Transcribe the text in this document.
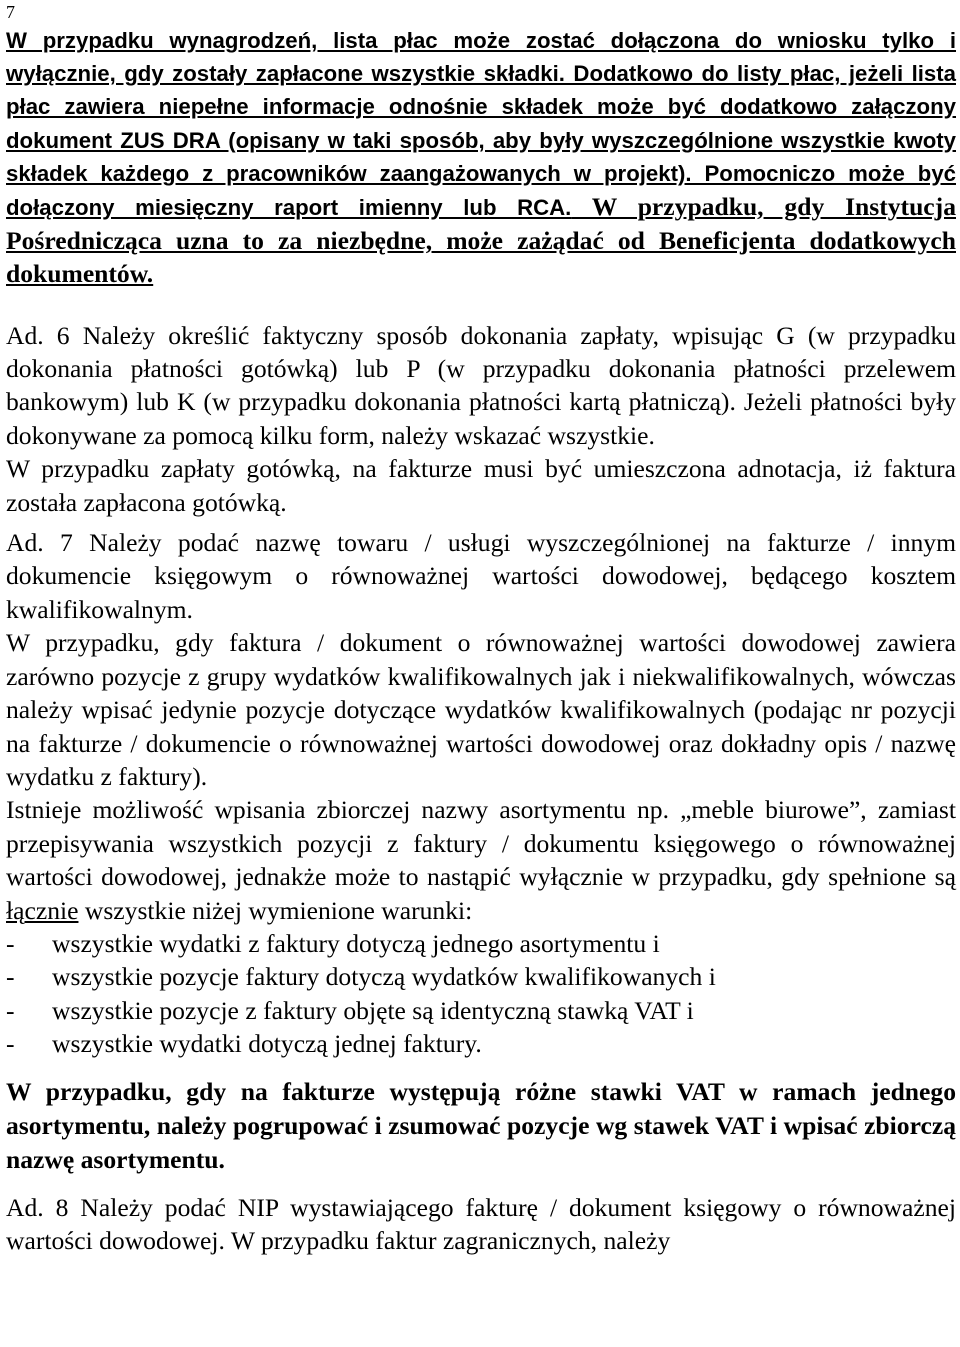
7

W przypadku wynagrodzeń, lista płac może zostać dołączona do wniosku tylko i wyłącznie, gdy zostały zapłacone wszystkie składki. Dodatkowo do listy płac, jeżeli lista płac zawiera niepełne informacje odnośnie składek może być dodatkowo załączony dokument ZUS DRA (opisany w taki sposób, aby były wyszczególnione wszystkie kwoty składek każdego z pracowników zaangażowanych w projekt). Pomocniczo może być dołączony miesięczny raport imienny lub RCA. W przypadku, gdy Instytucja Pośrednicząca uzna to za niezbędne, może zażądać od Beneficjenta dodatkowych dokumentów.

Ad. 6 Należy określić faktyczny sposób dokonania zapłaty, wpisując G (w przypadku dokonania płatności gotówką) lub P (w przypadku dokonania płatności przelewem bankowym) lub K (w przypadku dokonania płatności kartą płatniczą). Jeżeli płatności były dokonywane za pomocą kilku form, należy wskazać wszystkie.

W przypadku zapłaty gotówką, na fakturze musi być umieszczona adnotacja, iż faktura została zapłacona gotówką.

Ad. 7 Należy podać nazwę towaru / usługi wyszczególnionej na fakturze / innym dokumencie księgowym o równoważnej wartości dowodowej, będącego kosztem kwalifikowalnym.

W przypadku, gdy faktura / dokument o równoważnej wartości dowodowej zawiera zarówno pozycje z grupy wydatków kwalifikowalnych jak i niekwalifikowalnych, wówczas należy wpisać jedynie pozycje dotyczące wydatków kwalifikowalnych (podając nr pozycji na fakturze / dokumencie o równoważnej wartości dowodowej oraz dokładny opis / nazwę wydatku z faktury).

Istnieje możliwość wpisania zbiorczej nazwy asortymentu np. „meble biurowe”, zamiast przepisywania wszystkich pozycji z faktury / dokumentu księgowego o równoważnej wartości dowodowej, jednakże może to nastąpić wyłącznie w przypadku, gdy spełnione są łącznie wszystkie niżej wymienione warunki:

-	wszystkie wydatki z faktury dotyczą jednego asortymentu i
-	wszystkie pozycje faktury dotyczą wydatków kwalifikowanych i
-	wszystkie pozycje z faktury objęte są identyczną stawką VAT i
-	wszystkie wydatki dotyczą jednej faktury.

W przypadku, gdy na fakturze występują różne stawki VAT w ramach jednego asortymentu, należy pogrupować i zsumować pozycje wg stawek VAT i wpisać zbiorczą nazwę asortymentu.

Ad. 8 Należy podać NIP wystawiającego fakturę / dokument księgowy o równoważnej wartości dowodowej. W przypadku faktur zagranicznych, należy
